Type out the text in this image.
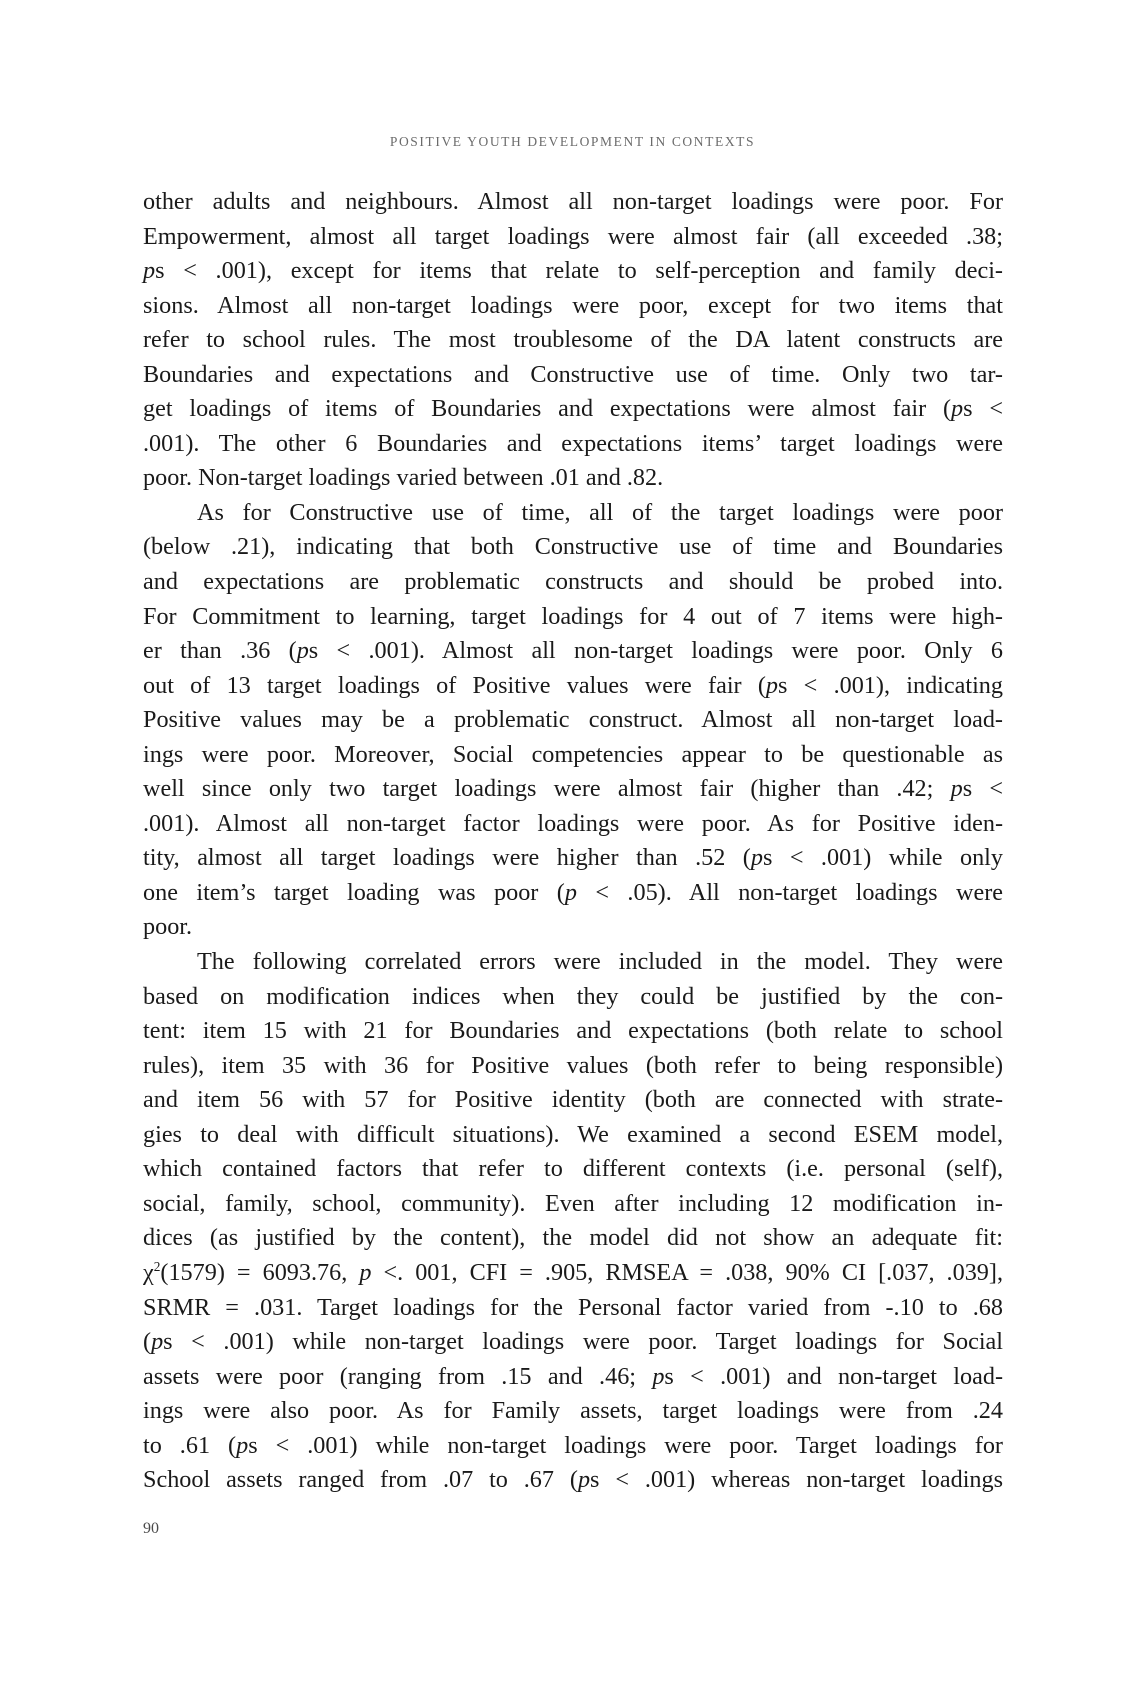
POSITIVE YOUTH DEVELOPMENT IN CONTEXTS
other adults and neighbours. Almost all non-target loadings were poor. For
Empowerment, almost all target loadings were almost fair (all exceeded .38;
ps < .001), except for items that relate to self-perception and family deci-
sions. Almost all non-target loadings were poor, except for two items that
refer to school rules. The most troublesome of the DA latent constructs are
Boundaries and expectations and Constructive use of time. Only two tar-
get loadings of items of Boundaries and expectations were almost fair (ps <
.001). The other 6 Boundaries and expectations items’ target loadings were
poor. Non-target loadings varied between .01 and .82.
As for Constructive use of time, all of the target loadings were poor
(below .21), indicating that both Constructive use of time and Boundaries
and expectations are problematic constructs and should be probed into.
For Commitment to learning, target loadings for 4 out of 7 items were high-
er than .36 (ps < .001). Almost all non-target loadings were poor. Only 6
out of 13 target loadings of Positive values were fair (ps < .001), indicating
Positive values may be a problematic construct. Almost all non-target load-
ings were poor. Moreover, Social competencies appear to be questionable as
well since only two target loadings were almost fair (higher than .42; ps <
.001). Almost all non-target factor loadings were poor. As for Positive iden-
tity, almost all target loadings were higher than .52 (ps < .001) while only
one item’s target loading was poor (p < .05). All non-target loadings were
poor.
The following correlated errors were included in the model. They were
based on modification indices when they could be justified by the con-
tent: item 15 with 21 for Boundaries and expectations (both relate to school
rules), item 35 with 36 for Positive values (both refer to being responsible)
and item 56 with 57 for Positive identity (both are connected with strate-
gies to deal with difficult situations). We examined a second ESEM model,
which contained factors that refer to different contexts (i.e. personal (self),
social, family, school, community). Even after including 12 modification in-
dices (as justified by the content), the model did not show an adequate fit:
$\chi^2(1579) = 6093.76$, p <. 001, CFI = .905, RMSEA = .038, 90% CI [.037, .039],
SRMR = .031. Target loadings for the Personal factor varied from -.10 to .68
(ps < .001) while non-target loadings were poor. Target loadings for Social
assets were poor (ranging from .15 and .46; ps < .001) and non-target load-
ings were also poor. As for Family assets, target loadings were from .24
to .61 (ps < .001) while non-target loadings were poor. Target loadings for
School assets ranged from .07 to .67 (ps < .001) whereas non-target loadings
90
